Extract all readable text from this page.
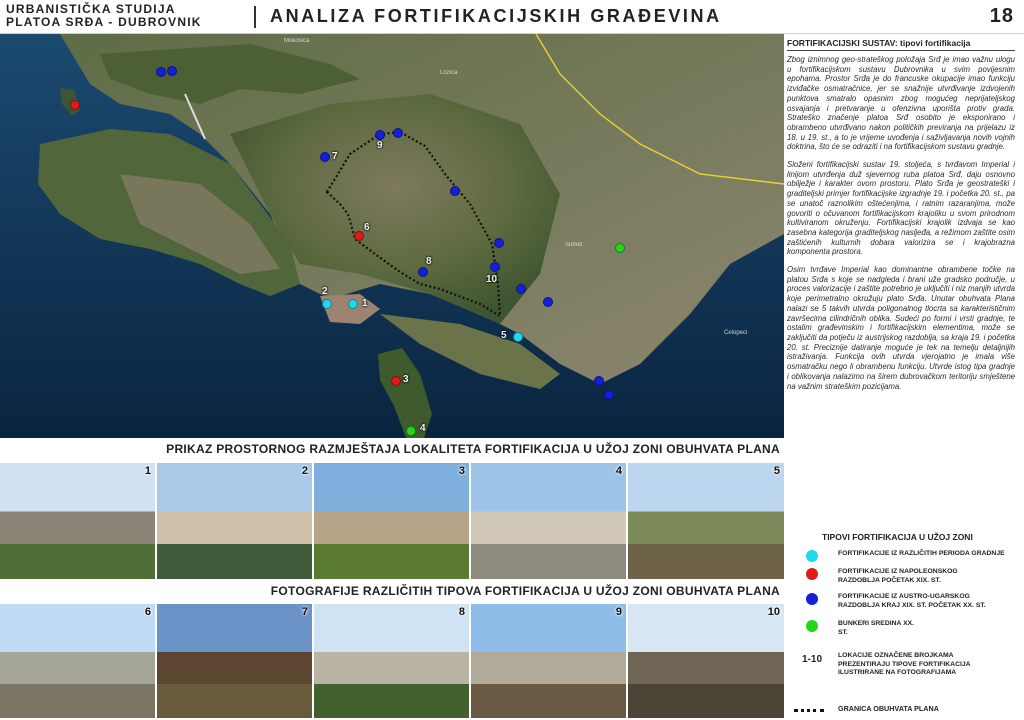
URBANISTIČKA STUDIJA
PLATOA SRĐA - DUBROVNIK	ANALIZA FORTIFIKACIJSKIH GRAĐEVINA	18
Mokošica
Sumet
Čelopeci
Lozica
9
7
6
8
10
2
1
5
3
4
PRIKAZ PROSTORNOG RAZMJEŠTAJA LOKALITETA FORTIFIKACIJA U UŽOJ ZONI OBUHVATA PLANA
FOTOGRAFIJE RAZLIČITIH TIPOVA FORTIFIKACIJA U UŽOJ ZONI OBUHVATA PLANA
1	2	3	4	5
6	7	8	9	10
FORTIFIKACIJSKI SUSTAV: tipovi fortifikacija

Zbog iznimnog geo-strateškog položaja Srđ je imao važnu ulogu u fortifikacijskom sustavu Dubrovnika u svim povijesnim epohama. Prostor Srđa je do francuske okupacije imao funkciju izviđačke osmatračnice, jer se snažnije utvrđivanje izdvojenih punktova smatralo opasnim zbog mogućeg neprijateljskog osvajanja i pretvaranje u ofenzivna uporišta protiv grada. Strateško značenje platoa Srđ osobito je eksponirano i obrambeno utvrđivano nakon političkih previranja na prijelazu iz 18. u 19. st., a to je vrijeme uvođenja i saživljavanja novih vojnih doktrina, što će se odraziti i na fortifikacijskom sustavu gradnje.

Složeni fortifikacijski sustav 19. stoljeća, s tvrđavom Imperial i linijom utvrđenja duž sjevernog ruba platoa Srđ, daju osnovno obilježje i karakter ovom prostoru. Plato Srđa je geostrateški i graditeljski primjer fortifikacijske izgradnje 19. i početka 20. st., pa se unatoč raznolikim oštećenjima, i ratnim razaranjima, može govoriti o očuvanom fortifikacijskom krajoliku u svom prirodnom kultiviranom okruženju. Fortifikacijski krajolik izdvaja se kao zasebna kategorija graditeljskog nasljeđa, a režimom zaštite osim zaštićenih kulturnih dobara valorizira se i krajobrazna komponenta prostora.

Osim tvrđave Imperial kao dominantne obrambene točke na platou Srđa s koje se nadgleda i brani uže gradsko područje, u proces valorizacije i zaštite potrebno je uključiti i niz manjih utvrda koje perimetralno okružuju plato Srđa. Unutar obuhvata Plana nalazi se 5 takvih utvrda poligonalnog tlocrta sa karakterističnim završecima cilindričnih oblika. Sudeći po formi i vrsti gradnje, te ostalim građevinskim i fortifikacijskim elementima, može se zaključiti da potječu iz austrijskog razdoblja, sa kraja 19. i početka 20. st. Preciznije datiranje moguće je tek na temelju detaljnijih istraživanja. Funkcija ovih utvrda vjerojatno je imala više osmatračku nego li obrambenu funkciju. Utvrde istog tipa gradnje i oblikovanja nalazimo na širem dubrovačkom teritoriju smještene na važnim strateškim pozicijama.

TIPOVI FORTIFIKACIJA U UŽOJ ZONI
FORTIFIKACIJE IZ RAZLIČITIH PERIODA GRADNJE
FORTIFIKACIJE IZ NAPOLEONSKOG RAZDOBLJA POČETAK XIX. ST.
FORTIFIKACIJE IZ AUSTRO-UGARSKOG RAZDOBLJA KRAJ XIX. ST. POČETAK XX. ST.
BUNKERI SREDINA XX. ST.
1-10 LOKACIJE OZNAČENE BROJKAMA PREZENTIRAJU TIPOVE FORTIFIKACIJA ILUSTRIRANE NA FOTOGRAFIJAMA
GRANICA OBUHVATA PLANA
